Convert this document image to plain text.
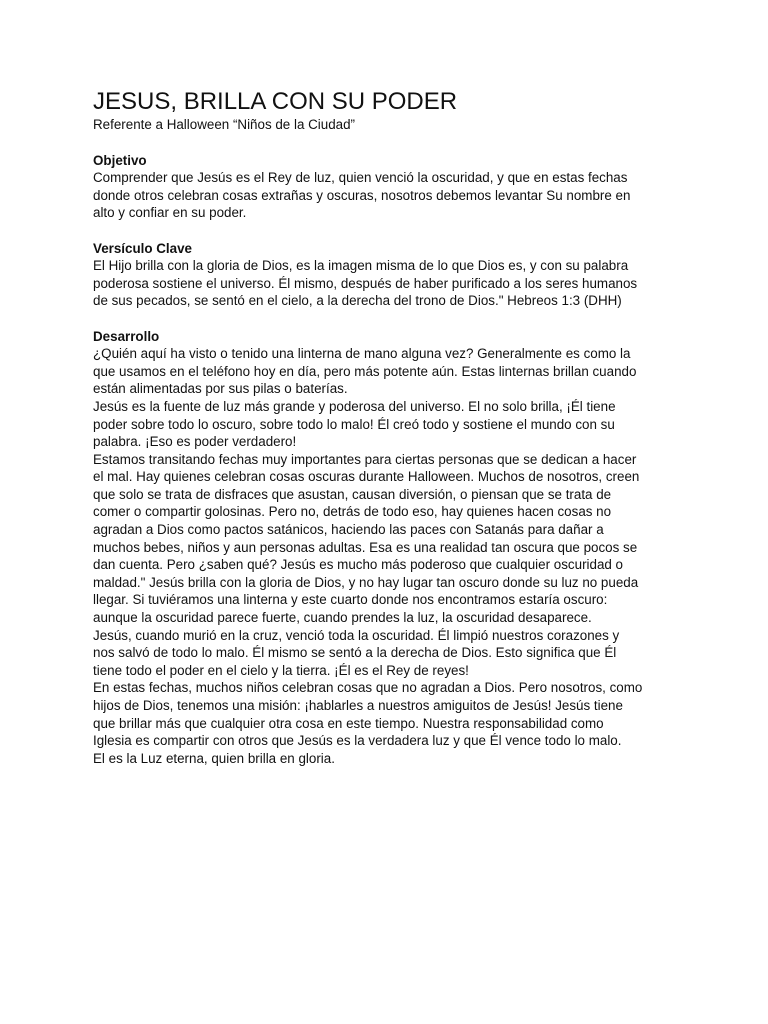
JESUS, BRILLA CON SU PODER

Referente a Halloween “Niños de la Ciudad”

Objetivo

Comprender que Jesús es el Rey de luz, quien venció la oscuridad, y que en estas fechas
donde otros celebran cosas extrañas y oscuras, nosotros debemos levantar Su nombre en
alto y confiar en su poder.

Versículo Clave

El Hijo brilla con la gloria de Dios, es la imagen misma de lo que Dios es, y con su palabra
poderosa sostiene el universo. Él mismo, después de haber purificado a los seres humanos
de sus pecados, se sentó en el cielo, a la derecha del trono de Dios." Hebreos 1:3 (DHH)

Desarrollo

¿Quién aquí ha visto o tenido una linterna de mano alguna vez? Generalmente es como la
que usamos en el teléfono hoy en día, pero más potente aún. Estas linternas brillan cuando
están alimentadas por sus pilas o baterías.

Jesús es la fuente de luz más grande y poderosa del universo. El no solo brilla, ¡Él tiene
poder sobre todo lo oscuro, sobre todo lo malo! Él creó todo y sostiene el mundo con su
palabra. ¡Eso es poder verdadero!

Estamos transitando fechas muy importantes para ciertas personas que se dedican a hacer
el mal. Hay quienes celebran cosas oscuras durante Halloween. Muchos de nosotros, creen
que solo se trata de disfraces que asustan, causan diversión, o piensan que se trata de
comer o compartir golosinas. Pero no, detrás de todo eso, hay quienes hacen cosas no
agradan a Dios como pactos satánicos, haciendo las paces con Satanás para dañar a
muchos bebes, niños y aun personas adultas. Esa es una realidad tan oscura que pocos se
dan cuenta. Pero ¿saben qué? Jesús es mucho más poderoso que cualquier oscuridad o
maldad." Jesús brilla con la gloria de Dios, y no hay lugar tan oscuro donde su luz no pueda
llegar. Si tuviéramos una linterna y este cuarto donde nos encontramos estaría oscuro:
aunque la oscuridad parece fuerte, cuando prendes la luz, la oscuridad desaparece.

Jesús, cuando murió en la cruz, venció toda la oscuridad. Él limpió nuestros corazones y
nos salvó de todo lo malo. Él mismo se sentó a la derecha de Dios. Esto significa que Él
tiene todo el poder en el cielo y la tierra. ¡Él es el Rey de reyes!

En estas fechas, muchos niños celebran cosas que no agradan a Dios. Pero nosotros, como
hijos de Dios, tenemos una misión: ¡hablarles a nuestros amiguitos de Jesús! Jesús tiene
que brillar más que cualquier otra cosa en este tiempo. Nuestra responsabilidad como
Iglesia es compartir con otros que Jesús es la verdadera luz y que Él vence todo lo malo.

El es la Luz eterna, quien brilla en gloria.
